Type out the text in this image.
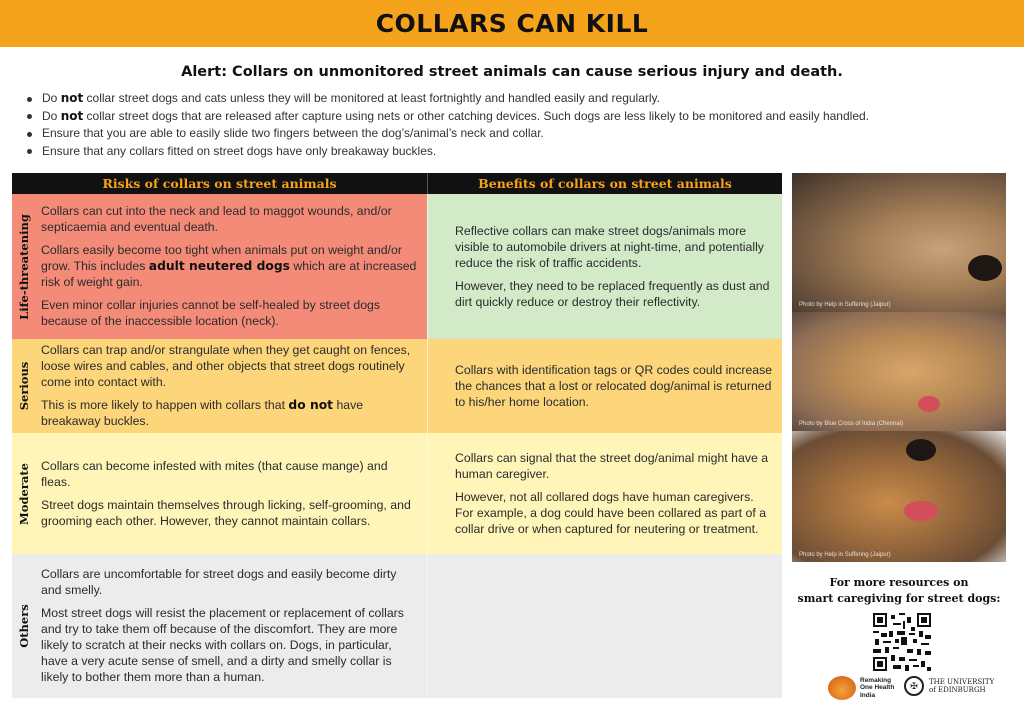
COLLARS CAN KILL
Alert: Collars on unmonitored street animals can cause serious injury and death.
Do not collar street dogs and cats unless they will be monitored at least fortnightly and handled easily and regularly.
Do not collar street dogs that are released after capture using nets or other catching devices. Such dogs are less likely to be monitored and easily handled.
Ensure that you are able to easily slide two fingers between the dog’s/animal’s neck and collar.
Ensure that any collars fitted on street dogs have only breakaway buckles.
Risks of collars on street animals	Benefits of collars on street animals
Life-threatening

Collars can cut into the neck and lead to maggot wounds, and/or septicaemia and eventual death.

Collars easily become too tight when animals put on weight and/or grow. This includes adult neutered dogs which are at increased risk of weight gain.

Even minor collar injuries cannot be self-healed by street dogs because of the inaccessible location (neck).

Reflective collars can make street dogs/animals more visible to automobile drivers at night-time, and potentially reduce the risk of traffic accidents.

However, they need to be replaced frequently as dust and dirt quickly reduce or destroy their reflectivity.

Serious

Collars can trap and/or strangulate when they get caught on fences, loose wires and cables, and other objects that street dogs routinely come into contact with.

This is more likely to happen with collars that do not have breakaway buckles.

Collars with identification tags or QR codes could increase the chances that a lost or relocated dog/animal is returned to his/her home location.

Moderate Collars can become infested with mites (that cause mange) and fleas.

Street dogs maintain themselves through licking, self-grooming, and grooming each other. However, they cannot maintain collars.

Collars can signal that the street dog/animal might have a human caregiver.

However, not all collared dogs have human caregivers. For example, a dog could have been collared as part of a collar drive or when captured for neutering or treatment.

Others

Collars are uncomfortable for street dogs and easily become dirty and smelly.

Most street dogs will resist the placement or replacement of collars and try to take them off because of the discomfort. They are more likely to scratch at their necks with collars on. Dogs, in particular, have a very acute sense of smell, and a dirty and smelly collar is likely to bother them more than a human.

Photo by Help in Suffering (Jaipur)
Photo by Blue Cross of India (Chennai)
Photo by Help in Suffering (Jaipur)
For more resources on
smart caregiving for street dogs:
Remaking
One Health
India
✠	THE UNIVERSITY
of EDINBURGH
